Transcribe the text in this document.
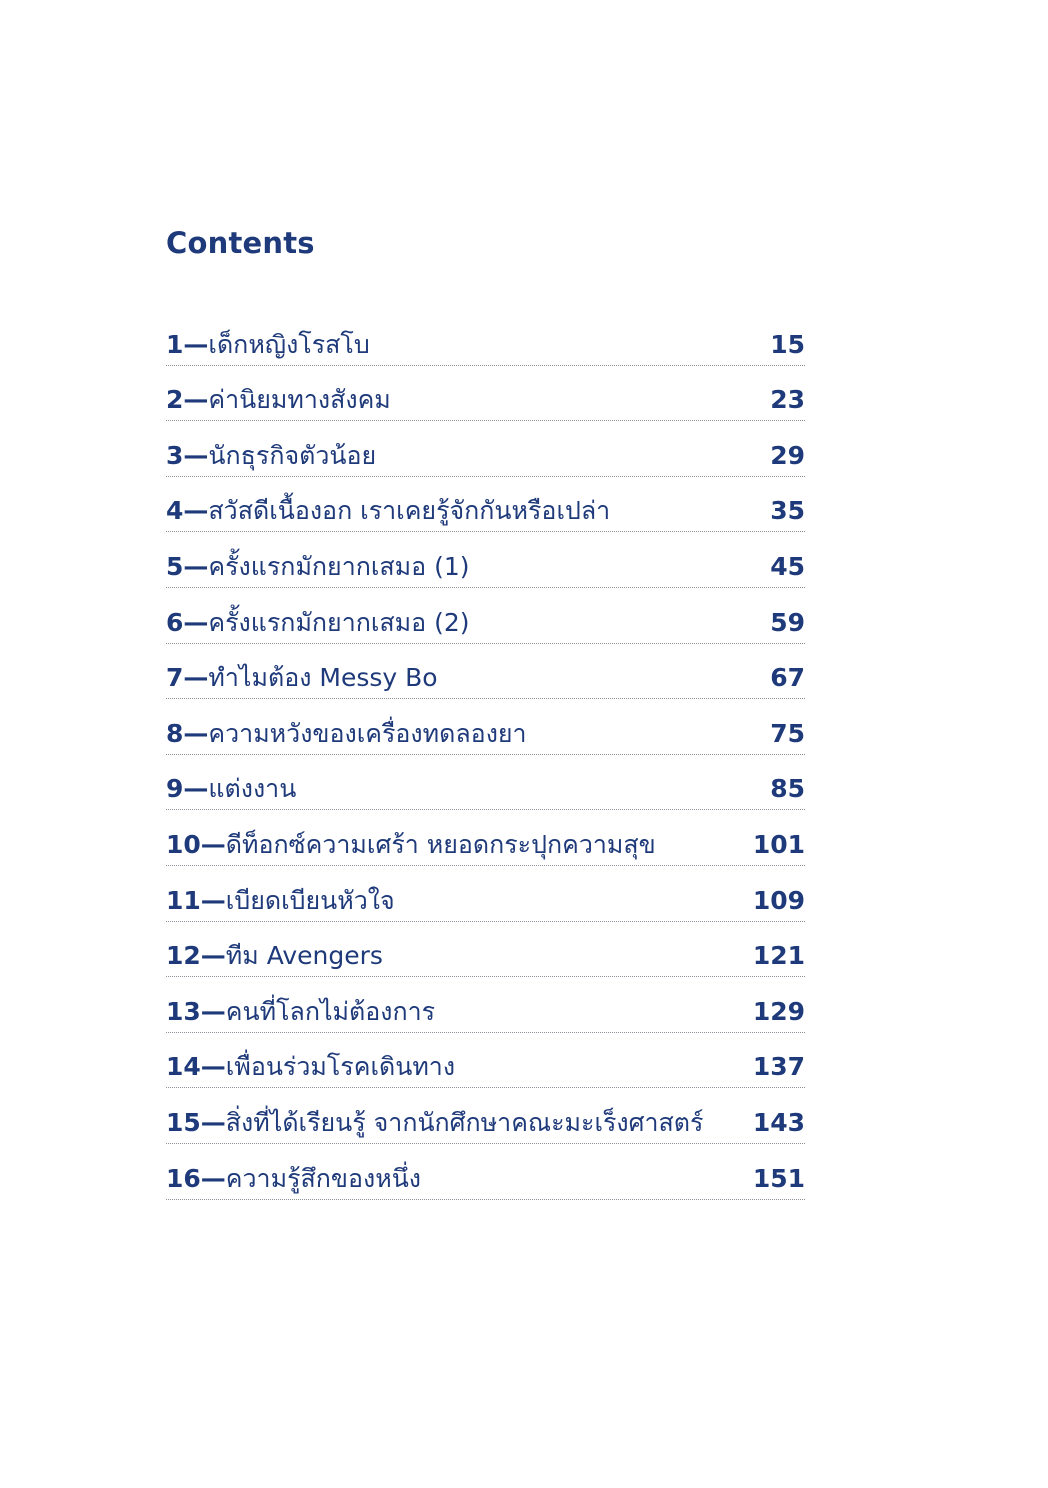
Contents
1—เด็กหญิงโรสโบ	15
2—ค่านิยมทางสังคม	23
3—นักธุรกิจตัวน้อย	29
4—สวัสดีเนื้องอก เราเคยรู้จักกันหรือเปล่า	35
5—ครั้งแรกมักยากเสมอ (1)	45
6—ครั้งแรกมักยากเสมอ (2)	59
7—ทำไมต้อง Messy Bo	67
8—ความหวังของเครื่องทดลองยา	75
9—แต่งงาน	85
10—ดีท็อกซ์ความเศร้า หยอดกระปุกความสุข	101
11—เบียดเบียนหัวใจ	109
12—ทีม Avengers	121
13—คนที่โลกไม่ต้องการ	129
14—เพื่อนร่วมโรคเดินทาง	137
15—สิ่งที่ได้เรียนรู้ จากนักศึกษาคณะมะเร็งศาสตร์ 143
16—ความรู้สึกของหนึ่ง	151
